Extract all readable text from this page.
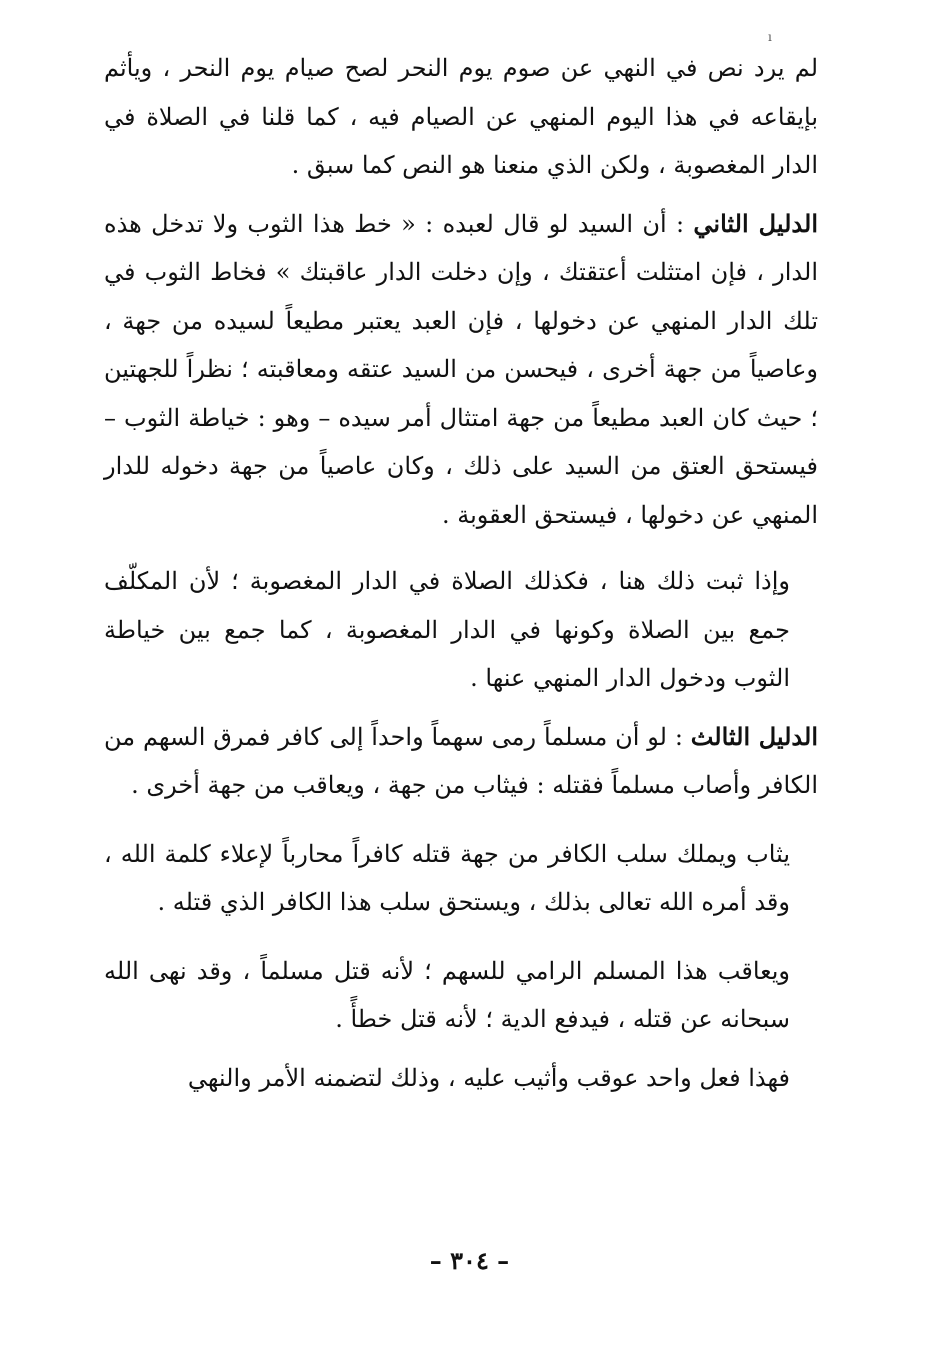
ı

لم يرد نص في النهي عن صوم يوم النحر لصح صيام يوم النحر ، ويأثم بإيقاعه في هذا اليوم المنهي عن الصيام فيه ، كما قلنا في الصلاة في الدار المغصوبة ، ولكن الذي منعنا هو النص كما سبق .

الدليل الثاني : أن السيد لو قال لعبده : « خط هذا الثوب ولا تدخل هذه الدار ، فإن امتثلت أعتقتك ، وإن دخلت الدار عاقبتك » فخاط الثوب في تلك الدار المنهي عن دخولها ، فإن العبد يعتبر مطيعاً لسيده من جهة ، وعاصياً من جهة أخرى ، فيحسن من السيد عتقه ومعاقبته ؛ نظراً للجهتين ؛ حيث كان العبد مطيعاً من جهة امتثال أمر سيده – وهو : خياطة الثوب – فيستحق العتق من السيد على ذلك ، وكان عاصياً من جهة دخوله للدار المنهي عن دخولها ، فيستحق العقوبة .

وإذا ثبت ذلك هنا ، فكذلك الصلاة في الدار المغصوبة ؛ لأن المكلّف جمع بين الصلاة وكونها في الدار المغصوبة ، كما جمع بين خياطة الثوب ودخول الدار المنهي عنها .

الدليل الثالث : لو أن مسلماً رمى سهماً واحداً إلى كافر فمرق السهم من الكافر وأصاب مسلماً فقتله : فيثاب من جهة ، ويعاقب من جهة أخرى .

يثاب ويملك سلب الكافر من جهة قتله كافراً محارباً لإعلاء كلمة الله ، وقد أمره الله تعالى بذلك ، ويستحق سلب هذا الكافر الذي قتله .

ويعاقب هذا المسلم الرامي للسهم ؛ لأنه قتل مسلماً ، وقد نهى الله سبحانه عن قتله ، فيدفع الدية ؛ لأنه قتل خطأً .

فهذا فعل واحد عوقب وأثيب عليه ، وذلك لتضمنه الأمر والنهي

– ٣٠٤ –
